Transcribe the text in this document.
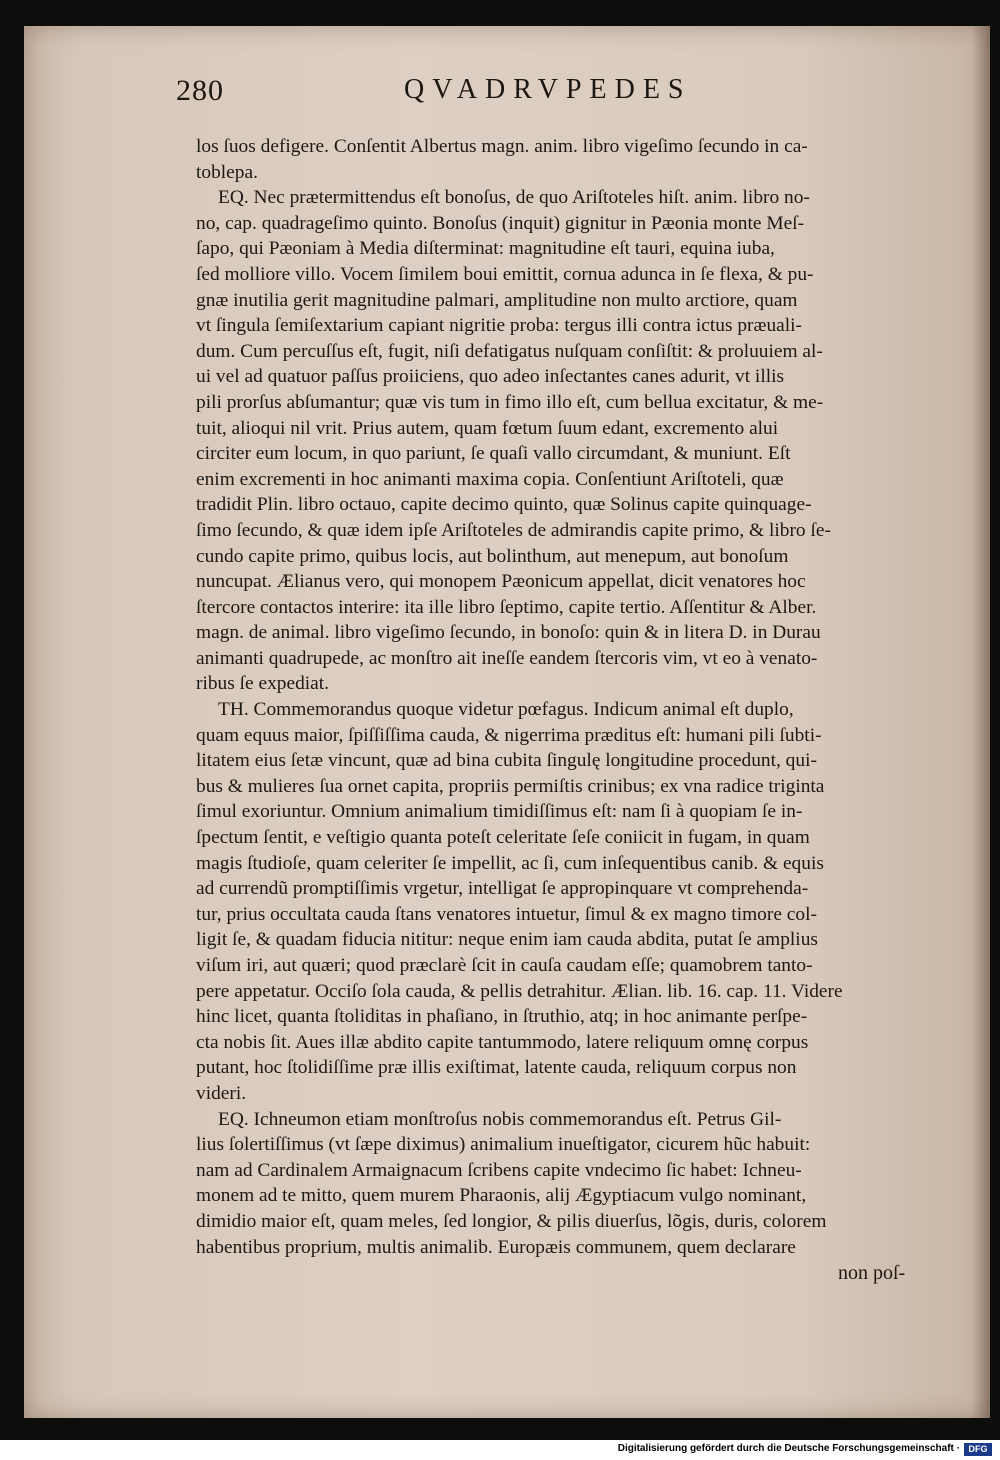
280	QVADRVPEDES
los ſuos defigere. Conſentit Albertus magn. anim. libro vigeſimo ſecundo in ca-
toblepa.
EQ. Nec prætermittendus eſt bonoſus, de quo Ariſtoteles hiſt. anim. libro no-
no, cap. quadrageſimo quinto. Bonoſus (inquit) gignitur in Pæonia monte Meſ-
ſapo, qui Pæoniam à Media diſterminat: magnitudine eſt tauri, equina iuba,
ſed molliore villo. Vocem ſimilem boui emittit, cornua adunca in ſe flexa, & pu-
gnæ inutilia gerit magnitudine palmari, amplitudine non multo arctiore, quam
vt ſingula ſemiſextarium capiant nigritie proba: tergus illi contra ictus præuali-
dum. Cum percuſſus eſt, fugit, niſi defatigatus nuſquam conſiſtit: & proluuiem al-
ui vel ad quatuor paſſus proiiciens, quo adeo inſectantes canes adurit, vt illis
pili prorſus abſumantur; quæ vis tum in fimo illo eſt, cum bellua excitatur, & me-
tuit, alioqui nil vrit. Prius autem, quam fœtum ſuum edant, excremento alui
circiter eum locum, in quo pariunt, ſe quaſi vallo circumdant, & muniunt. Eſt
enim excrementi in hoc animanti maxima copia. Conſentiunt Ariſtoteli, quæ
tradidit Plin. libro octauo, capite decimo quinto, quæ Solinus capite quinquage-
ſimo ſecundo, & quæ idem ipſe Ariſtoteles de admirandis capite primo, & libro ſe-
cundo capite primo, quibus locis, aut bolinthum, aut menepum, aut bonoſum
nuncupat. Ælianus vero, qui monopem Pæonicum appellat, dicit venatores hoc
ſtercore contactos interire: ita ille libro ſeptimo, capite tertio. Aſſentitur & Alber.
magn. de animal. libro vigeſimo ſecundo, in bonoſo: quin & in litera D. in Durau
animanti quadrupede, ac monſtro ait ineſſe eandem ſtercoris vim, vt eo à venato-
ribus ſe expediat.
TH. Commemorandus quoque videtur pœfagus. Indicum animal eſt duplo,
quam equus maior, ſpiſſiſſima cauda, & nigerrima præditus eſt: humani pili ſubti-
litatem eius ſetæ vincunt, quæ ad bina cubita ſingulę longitudine procedunt, qui-
bus & mulieres ſua ornet capita, propriis permiſtis crinibus; ex vna radice triginta
ſimul exoriuntur. Omnium animalium timidiſſimus eſt: nam ſi à quopiam ſe in-
ſpectum ſentit, e veſtigio quanta poteſt celeritate ſeſe coniicit in fugam, in quam
magis ſtudioſe, quam celeriter ſe impellit, ac ſi, cum inſequentibus canib. & equis
ad currendũ promptiſſimis vrgetur, intelligat ſe appropinquare vt comprehenda-
tur, prius occultata cauda ſtans venatores intuetur, ſimul & ex magno timore col-
ligit ſe, & quadam fiducia nititur: neque enim iam cauda abdita, putat ſe amplius
viſum iri, aut quæri; quod præclarè ſcit in cauſa caudam eſſe; quamobrem tanto-
pere appetatur. Occiſo ſola cauda, & pellis detrahitur. Ælian. lib. 16. cap. 11. Videre
hinc licet, quanta ſtoliditas in phaſiano, in ſtruthio, atq; in hoc animante perſpe-
cta nobis ſit. Aues illæ abdito capite tantummodo, latere reliquum omnę corpus
putant, hoc ſtolidiſſime præ illis exiſtimat, latente cauda, reliquum corpus non
videri.
EQ. Ichneumon etiam monſtroſus nobis commemorandus eſt. Petrus Gil-
lius ſolertiſſimus (vt ſæpe diximus) animalium inueſtigator, cicurem hũc habuit:
nam ad Cardinalem Armaignacum ſcribens capite vndecimo ſic habet: Ichneu-
monem ad te mitto, quem murem Pharaonis, alij Ægyptiacum vulgo nominant,
dimidio maior eſt, quam meles, ſed longior, & pilis diuerſus, lõgis, duris, colorem
habentibus proprium, multis animalib. Europæis communem, quem declarare
non poſ-
Digitalisierung gefördert durch die Deutsche Forschungsgemeinschaft · DFG
